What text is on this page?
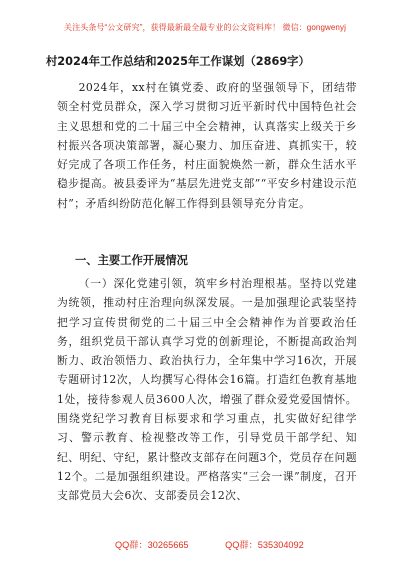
关注头条号“公文研究”，获得最新最全最专业的公文资料库！ 微信：gongwenyj
村2024年工作总结和2025年工作谋划（2869字）

2024年，xx村在镇党委、政府的坚强领导下，团结带领全村党员群众，深入学习贯彻习近平新时代中国特色社会主义思想和党的二十届三中全会精神，认真落实上级关于乡村振兴各项决策部署，凝心聚力、加压奋进、真抓实干，较好完成了各项工作任务，村庄面貌焕然一新，群众生活水平稳步提高。被县委评为“基层先进党支部”“平安乡村建设示范村”；矛盾纠纷防范化解工作得到县领导充分肯定。

一、主要工作开展情况

（一）深化党建引领，筑牢乡村治理根基。坚持以党建为统领，推动村庄治理向纵深发展。一是加强理论武装坚持把学习宣传贯彻党的二十届三中全会精神作为首要政治任务，组织党员干部认真学习党的创新理论，不断提高政治判断力、政治领悟力、政治执行力，全年集中学习16次，开展专题研讨12次，人均撰写心得体会16篇。打造红色教育基地1处，接待参观人员3600人次，增强了群众爱党爱国情怀。围绕党纪学习教育目标要求和学习重点，扎实做好纪律学习、警示教育、检视整改等工作，引导党员干部学纪、知纪、明纪、守纪，累计整改支部存在问题3个，党员存在问题12个。二是加强组织建设。严格落实“三会一课”制度，召开支部党员大会6次、支部委员会12次、

QQ群：30265665	QQ群：535304092
